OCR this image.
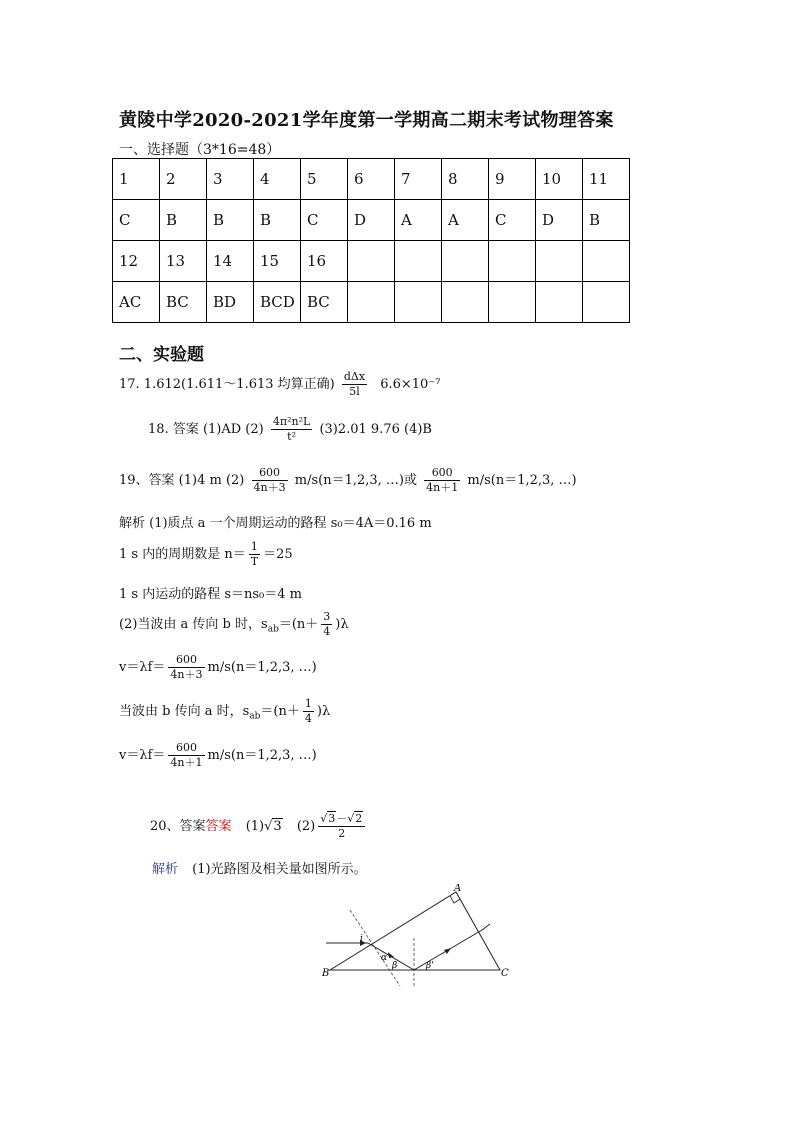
黄陵中学2020-2021学年度第一学期高二期末考试物理答案
一、选择题（3*16=48）
1	2	3	4	5	6	7	8	9	10	11
C	B	B	B	C	D	A	A	C	D	B
12	13	14	15	16						
AC	BC	BD	BCD	BC						
二、实验题
17. 1.612(1.611～1.613 均算正确) $\frac{\text{dΔx}}{5l} 6.6\times 10^{-7}$
18. 答案 (1)AD $(2) \frac{\text{4π²n²L}}{\text{t²}} (3)2.01$ 9.76 (4)B
19、答案 (1)4 m $(2) \frac{600}{4n+3} m/s(n=1,2,3$, …)或 $\frac{600}{4n+1} m/s(n=1,2,3$, …)
解析 (1)质点 a 一个周期运动的路程 s₀＝4A＝0.16 m
1 s 内的周期数是 $n= \frac{1}{T} =25$
1 s 内运动的路程 s＝ns₀＝4 m
(2)当波由 a 传向 b 时，$s_{ab}=(n+ \frac{3}{4} )\lambda$
$v=\lambda f= \frac{600}{4n+3} m/s(n=1,2,3$, …)
当波由 b 传向 a 时，$s_{ab}=(n+ \frac{1}{4} )\lambda$
$v=\lambda f= \frac{600}{4n+1} m/s(n=1,2,3$, …)
20、答案答案 (1)√3 $(2) \frac{√3-√2}{2}$
解析 (1)光路图及相关量如图所示。
B
A
C
i
α
β	β'
